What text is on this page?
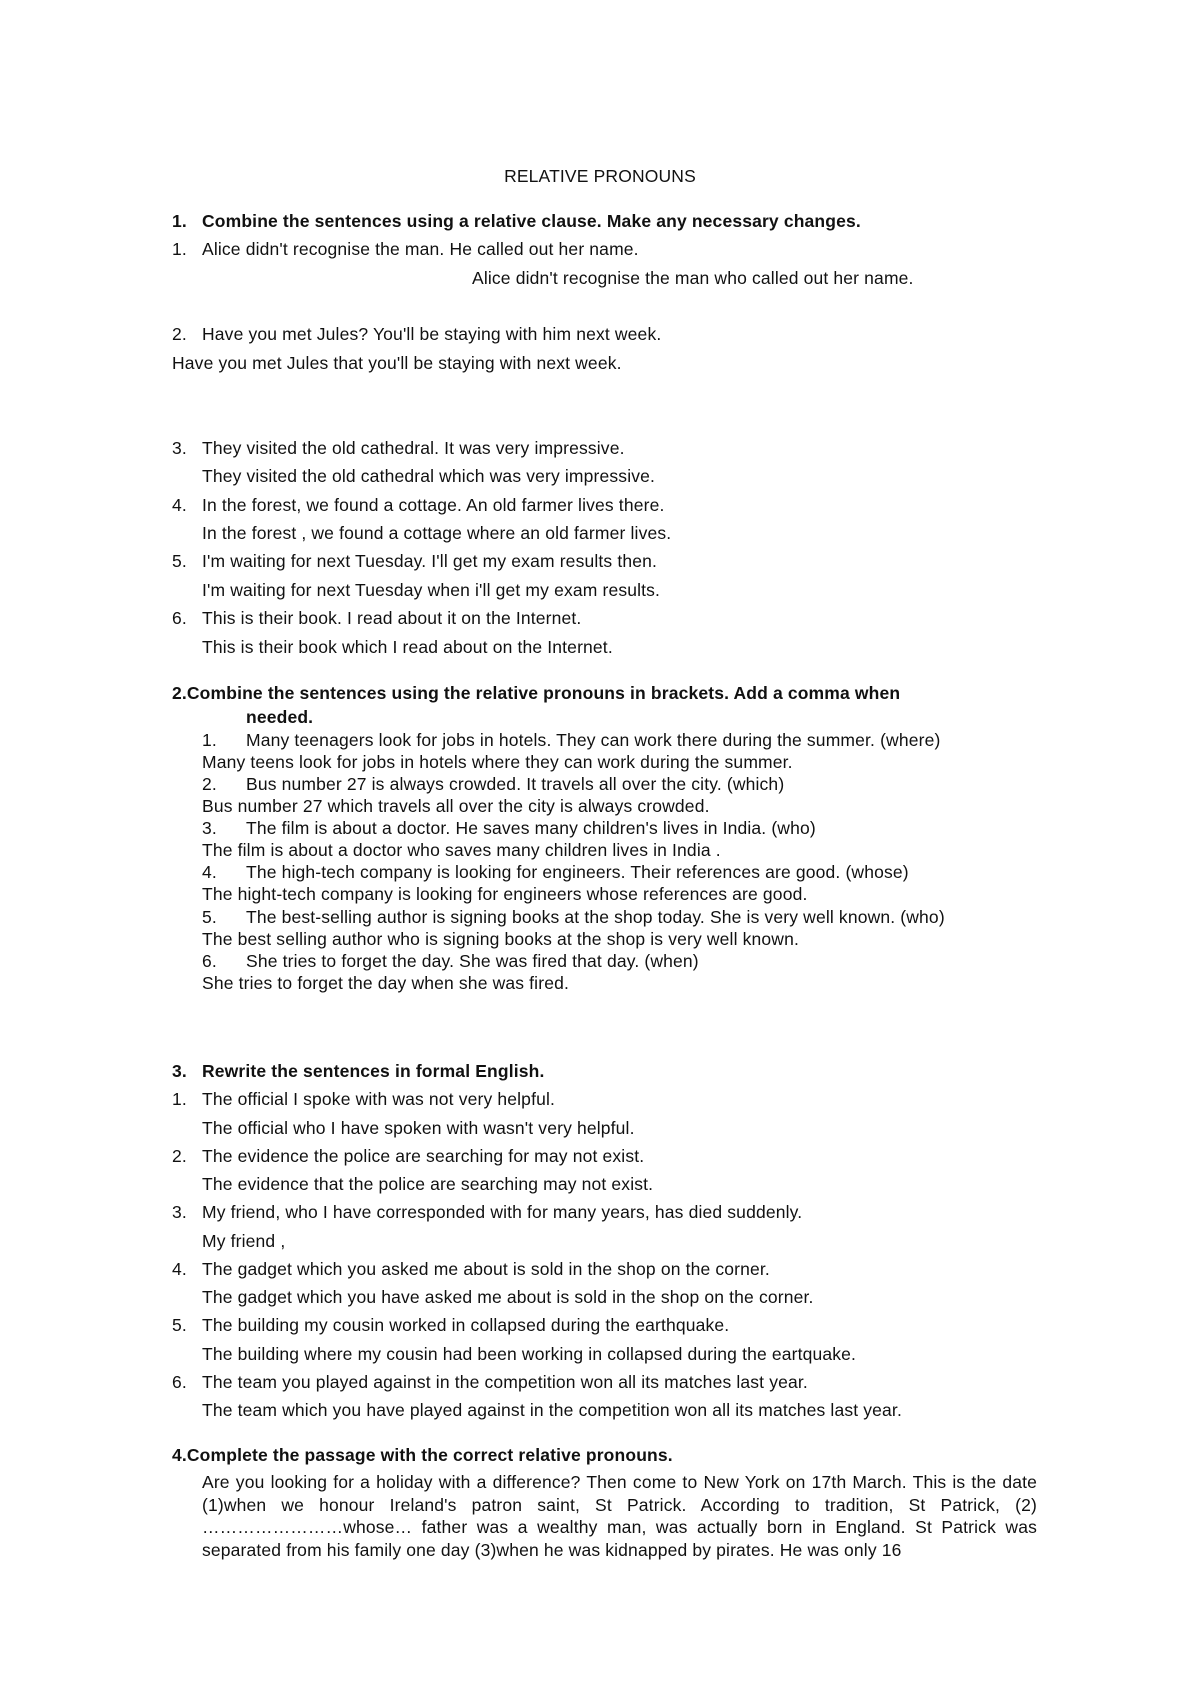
RELATIVE PRONOUNS
1. Combine the sentences using a relative clause. Make any necessary changes.
1. Alice didn't recognise the man. He called out her name.
Alice didn't recognise the man who called out her name.
2. Have you met Jules? You'll be staying with him next week.
Have you met Jules that you'll be staying with next week.
3. They visited the old cathedral. It was very impressive.
They visited the old cathedral which was very impressive.
4. In the forest, we found a cottage. An old farmer lives there.
In the forest , we found a cottage where an old farmer lives.
5. I'm waiting for next Tuesday. I'll get my exam results then.
I'm waiting for next Tuesday when i'll get my exam results.
6. This is their book. I read about it on the Internet.
This is their book which I read about on the Internet.
2.Combine the sentences using the relative pronouns in brackets. Add a comma when
needed.
1. Many teenagers look for jobs in hotels. They can work there during the summer. (where)
Many teens look for jobs in hotels where they can work during the summer.
2. Bus number 27 is always crowded. It travels all over the city. (which)
Bus number 27 which travels all over the city is always crowded.
3. The film is about a doctor. He saves many children's lives in India. (who)
The film is about a doctor who saves many children lives in India .
4. The high-tech company is looking for engineers. Their references are good. (whose)
The hight-tech company is looking for engineers whose references are good.
5. The best-selling author is signing books at the shop today. She is very well known. (who)
The best selling author who is signing books at the shop is very well known.
6. She tries to forget the day. She was fired that day. (when)
She tries to forget the day when she was fired.
3. Rewrite the sentences in formal English.
1. The official I spoke with was not very helpful.
The official who I have spoken with wasn't very helpful.
2. The evidence the police are searching for may not exist.
The evidence that the police are searching may not exist.
3. My friend, who I have corresponded with for many years, has died suddenly.
My friend ,
4. The gadget which you asked me about is sold in the shop on the corner.
The gadget which you have asked me about is sold in the shop on the corner.
5. The building my cousin worked in collapsed during the earthquake.
The building where my cousin had been working in collapsed during the eartquake.
6. The team you played against in the competition won all its matches last year.
The team which you have played against in the competition won all its matches last year.
4.Complete the passage with the correct relative pronouns.
Are you looking for a holiday with a difference? Then come to New York on 17th March. This is the date (1)when we honour Ireland's patron saint, St Patrick. According to tradition, St Patrick, (2) ……………………whose… father was a wealthy man, was actually born in England. St Patrick was separated from his family one day (3)when he was kidnapped by pirates. He was only 16
